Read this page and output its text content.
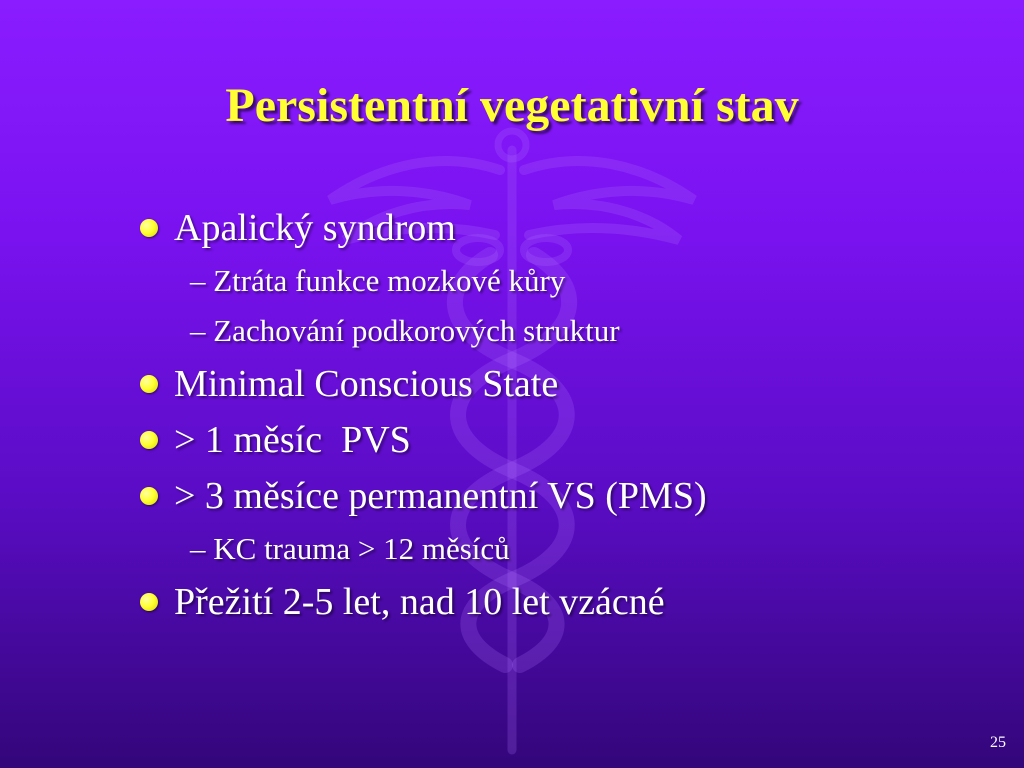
Persistentní vegetativní stav
Apalický syndrom
– Ztráta funkce mozkové kůry
– Zachování podkorových struktur
Minimal Conscious State
> 1 měsíc  PVS
> 3 měsíce permanentní VS (PMS)
– KC trauma > 12 měsíců
Přežití 2-5 let, nad 10 let vzácné
25
